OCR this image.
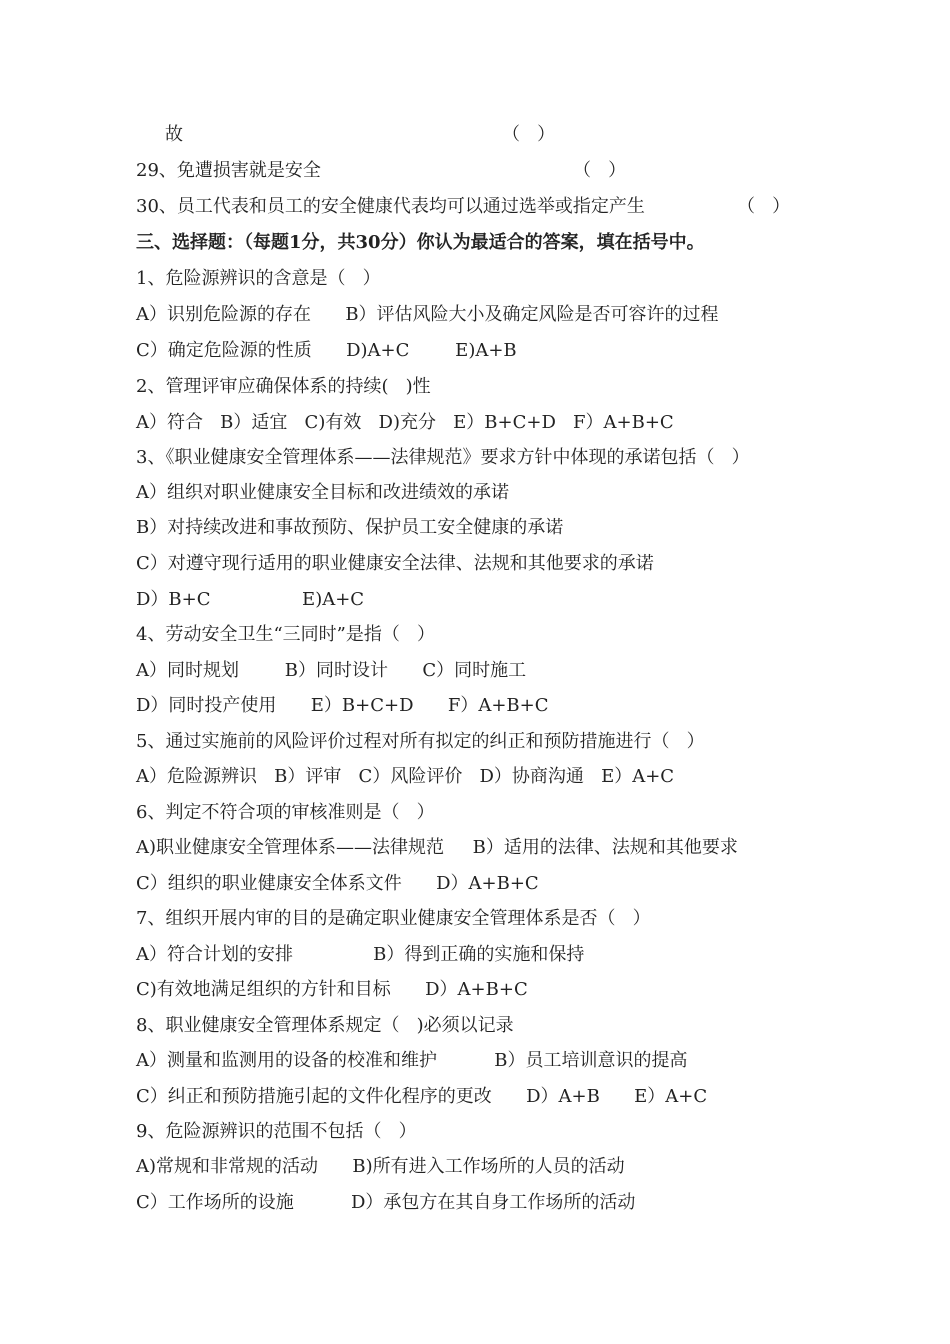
故	（   ）
29、免遭损害就是安全	（   ）
30、员工代表和员工的安全健康代表均可以通过选举或指定产生	（   ）
三、选择题：（每题1分，共30分）你认为最适合的答案，填在括号中。
1、危险源辨识的含意是（   ）
A）识别危险源的存在      B）评估风险大小及确定风险是否可容许的过程
C）确定危险源的性质      D)A+C        E)A+B
2、管理评审应确保体系的持续(   )性
A）符合   B）适宜   C)有效   D)充分   E）B+C+D   F）A+B+C
3、《职业健康安全管理体系——法律规范》要求方针中体现的承诺包括（   ）
A）组织对职业健康安全目标和改进绩效的承诺
B）对持续改进和事故预防、保护员工安全健康的承诺
C）对遵守现行适用的职业健康安全法律、法规和其他要求的承诺
D）B+C                E)A+C
4、劳动安全卫生“三同时”是指（   ）
A）同时规划        B）同时设计      C）同时施工
D）同时投产使用      E）B+C+D      F）A+B+C
5、通过实施前的风险评价过程对所有拟定的纠正和预防措施进行（   ）
A）危险源辨识   B）评审   C）风险评价   D）协商沟通   E）A+C
6、判定不符合项的审核准则是（   ）
A)职业健康安全管理体系——法律规范     B）适用的法律、法规和其他要求
C）组织的职业健康安全体系文件      D）A+B+C
7、组织开展内审的目的是确定职业健康安全管理体系是否（   ）
A）符合计划的安排              B）得到正确的实施和保持
C)有效地满足组织的方针和目标      D）A+B+C
8、职业健康安全管理体系规定（   )必须以记录
A）测量和监测用的设备的校准和维护          B）员工培训意识的提高
C）纠正和预防措施引起的文件化程序的更改      D）A+B      E）A+C
9、危险源辨识的范围不包括（   ）
A)常规和非常规的活动      B)所有进入工作场所的人员的活动
C）工作场所的设施          D）承包方在其自身工作场所的活动
